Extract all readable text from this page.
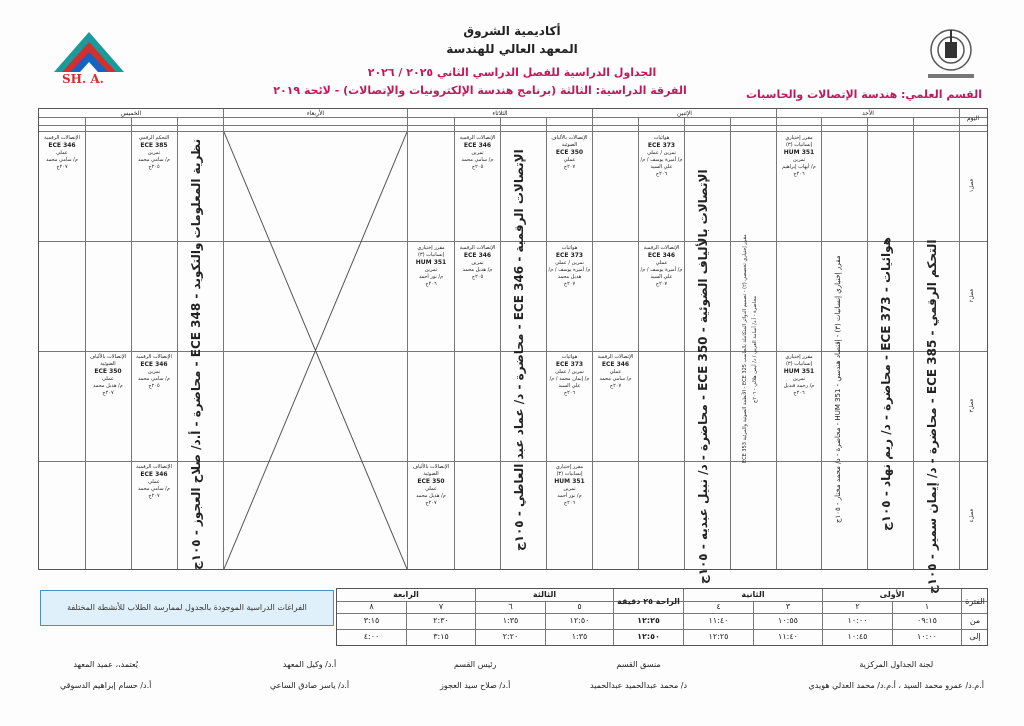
SH. A.
أكاديمية الشروق
المعهد العالي للهندسة
الجداول الدراسية للفصل الدراسي الثاني ٢٠٢٥ / ٢٠٢٦
الفرقة الدراسية: الثالثة (برنامج هندسة الإلكترونيات والإتصالات) - لائحة ٢٠١٩	القسم العلمي: هندسة الإتصالات والحاسبات
اليوم
الأحد
الإثنين
الثلاثاء
الأربعاء
الخميس
فصل١
فصل٢
فصل٣
فصل٤
التحكم الرقمي - ECE 385 - محاضرة - د/ إيمان سمير - ١٠٥ج
هوائيات - ECE 373 - محاضرة - د/ ريم نهاد - ١٠٥ج
مقرر إختياري إنسانيات (٣) - إقتصاد هندسي - HUM 351 - محاضرة - د/ محمد مختار - ١٠٥ج
الإتصالات بالألياف الضوئية - ECE 350 - محاضرة - د/ نبيل عبديه - ١٠٥ج
مقرر إختياري تخصصي (٢) - تصميم الدوائر المتكاملة بالحاسب ECE 325 - الأنظمة الصوتية والمرئية ECE 353
محاضرة - أ.د/ أسامة العربي / د/ أيمن هلالي - ٢٠٦ج
الإتصالات الرقمية - ECE 346 - محاضرة - د/ عماد عبد العاطي - ١٠٥ج
نظرية المعلومات والتكويد - ECE 348 - محاضرة - أ.د/ صلاح العجوز - ١٠٥ج
مقرر إختياري إنسانيات (٣)
HUM 351
تمرين
م/ أيهاب إبراهيم
٢٠٦ج
هوائيات
ECE 373
تمرين / عملي
م/ أميرة يوسف / م/ علي السيد
٢٠٦ج
الإتصالات بالألياف الضوئية
ECE 350
عملي
٢٠٧ج
الإتصالات الرقمية
ECE 346
تمرين
م/ سامي محمد
٢٠٥ج
الإتصالات الرقمية
ECE 346
عملي
م/ سامي محمد
٢٠٧ج
التحكم الرقمي
ECE 385
تمرين
م/ سامي محمد
٢٠٥ج
مقرر إختياري إنسانيات (٣)
HUM 351
تمرين
م/ رحمة قنديل
٢٠٦ج
الإتصالات الرقمية
ECE 346
عملي
م/ أميرة يوسف / م/ علي السيد
٢٠٧ج
هوائيات
ECE 373
تمرين / عملي
م/ أميرة يوسف / م/ هديل محمد
٢٠٧ج
الإتصالات الرقمية
ECE 346
تمرين
م/ هديل محمد
٢٠٥ج
مقرر إختياري إنسانيات (٣)
HUM 351
تمرين
م/ نور أحمد
٢٠٦ج
الإتصالات الرقمية
ECE 346
عملي
م/ سامي محمد
٢٠٧ج
هوائيات
ECE 373
تمرين / عملي
م/ إيمان محمد / م/ علي السيد
٢٠٦ج
الإتصالات بالألياف الضوئية
ECE 350
عملي
م/ هديل محمد
٢٠٧ج
الإتصالات بالألياف الضوئية
ECE 350
عملي
م/ هديل محمد
٢٠٧ج
مقرر إختياري إنسانيات (٣)
HUM 351
تمرين
م/ نور أحمد
٢٠٦ج
الإتصالات الرقمية
ECE 346
عملي
م/ سامي محمد
٢٠٧ج
الإتصالات الرقمية
ECE 346
تمرين
م/ سامي محمد
٢٠٥ج
الفراغات الدراسية الموجودة بالجدول لممارسة الطلاب للأنشطة المختلفة
الفترة
من
إلى
الأولى
الثانية
الثالثة
الرابعة
الراحة ٢٥ دقيقة
١
٢
٣
٤
٥
٦
٧
٨
٠٩:١٥
١٠:٠٠
١٠:٥٥
١١:٤٠
١٢:٢٥
١٢:٥٠
١:٣٥
٢:٣٠
٣:١٥
١٠:٠٠
١٠:٤٥
١١:٤٠
١٢:٢٥
١٢:٥٠
١:٣٥
٢:٢٠
٣:١٥
٤:٠٠
لجنة الجداول المركزية
أ.م.د/ عمرو محمد السيد ، أ.م.د/ محمد العدلي هويدي
منسق القسم
د/ محمد عبدالحميد عبدالحميد
رئيس القسم
أ.د/ صلاح سيد العجوز
أ.د/ وكيل المعهد
أ.د/ ياسر صادق الساعي
يُعتمد،، عميد المعهد
أ.د/ حسام إبراهيم الدسوقي
